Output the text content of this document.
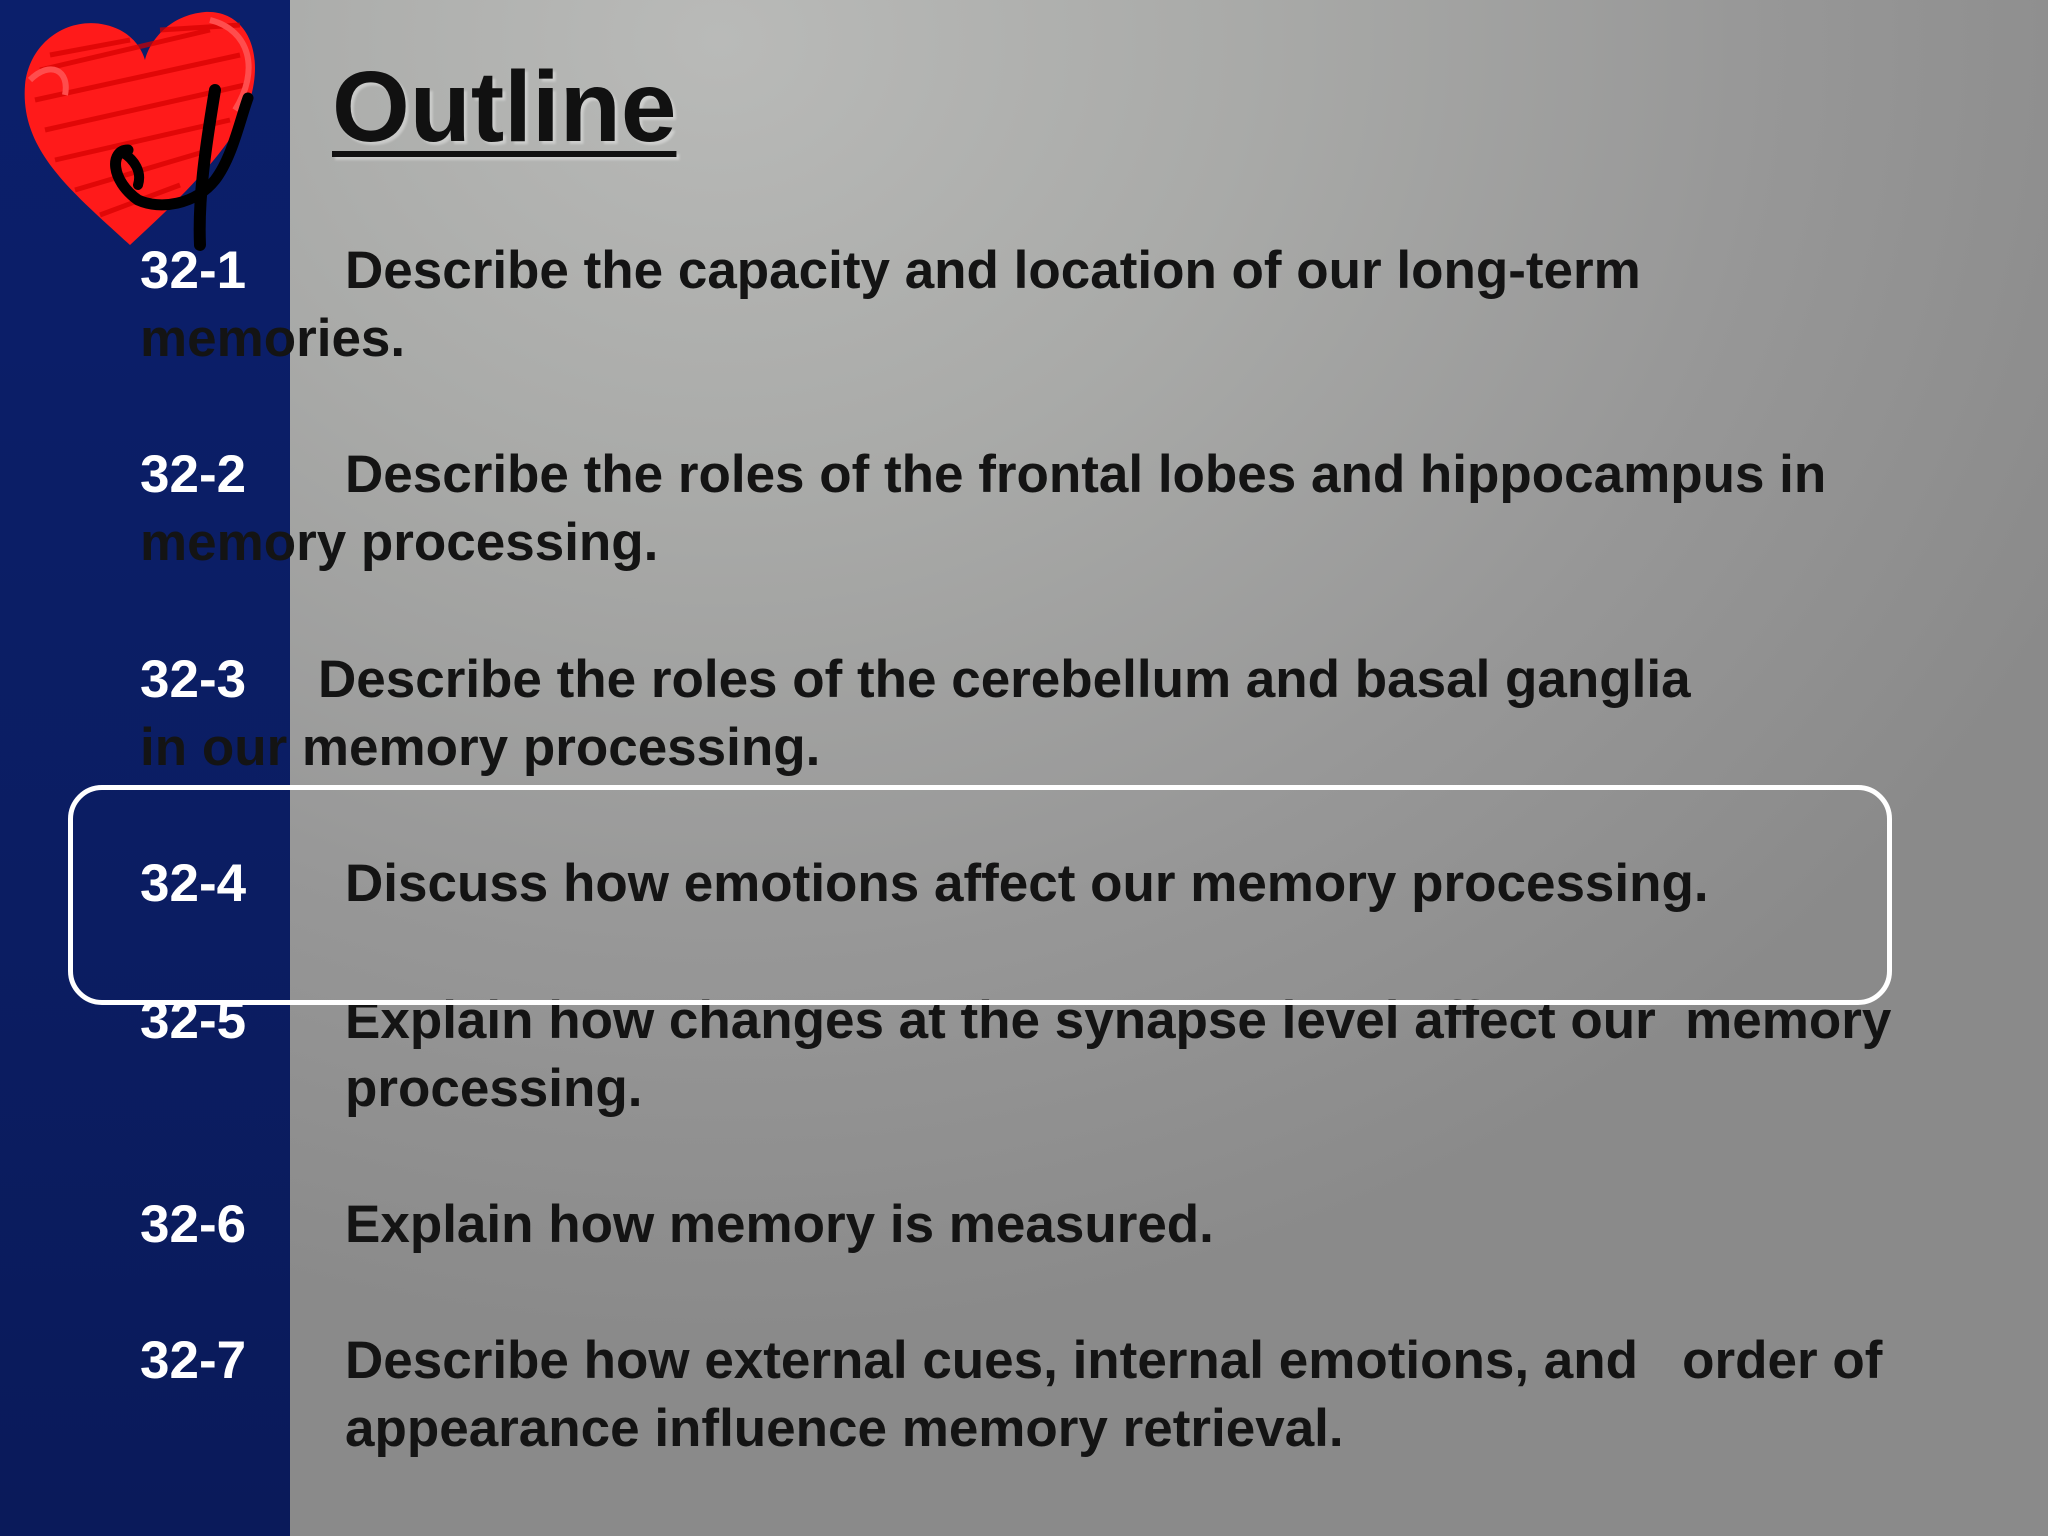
Outline
32-1 Describe the capacity and location of our long-term
memories.
32-2 Describe the roles of the frontal lobes and hippocampus in
memory processing.
32-3 Describe the roles of the cerebellum and basal ganglia
in our memory processing.
32-4 Discuss how emotions affect our memory processing.
32-5 Explain how changes at the synapse level affect our  memory
processing.
32-6 Explain how memory is measured.
32-7 Describe how external cues, internal emotions, and   order of
appearance influence memory retrieval.
